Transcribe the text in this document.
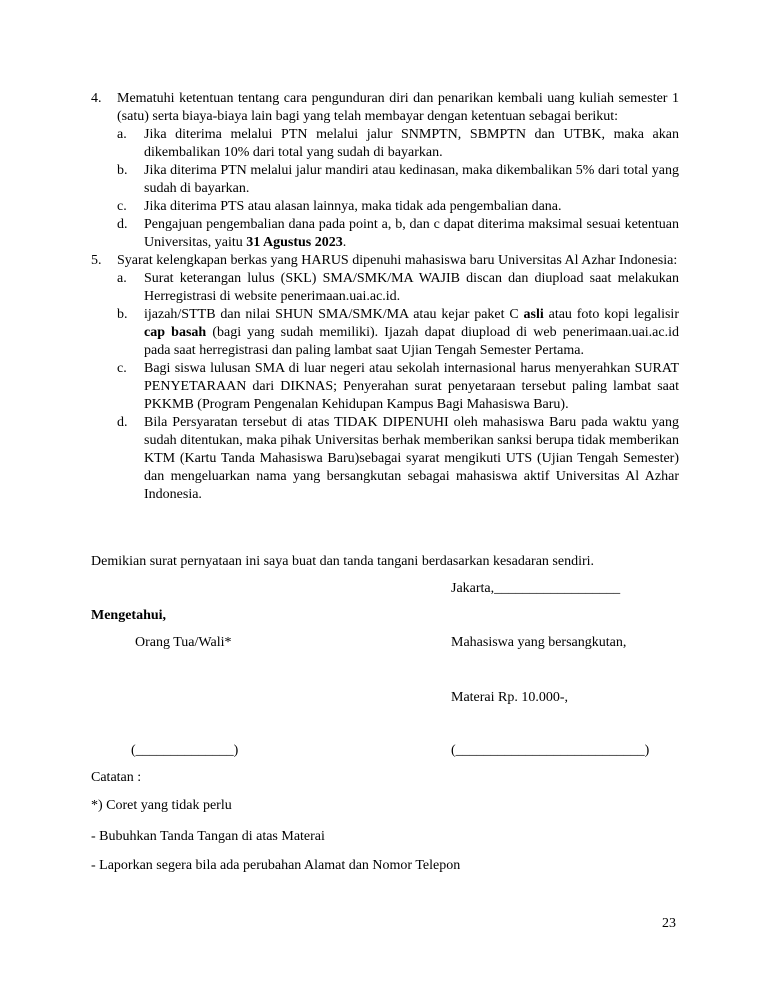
4.	Mematuhi ketentuan tentang cara pengunduran diri dan penarikan kembali uang kuliah semester 1 (satu) serta biaya-biaya lain bagi yang telah membayar dengan ketentuan sebagai berikut:
a.	Jika diterima melalui PTN melalui jalur SNMPTN, SBMPTN dan UTBK, maka akan dikembalikan 10% dari total yang sudah di bayarkan.
b.	Jika diterima PTN melalui jalur mandiri atau kedinasan, maka dikembalikan 5% dari total yang sudah di bayarkan.
c.	Jika diterima PTS atau alasan lainnya, maka tidak ada pengembalian dana.
d.	Pengajuan pengembalian dana pada point a, b, dan c dapat diterima maksimal sesuai ketentuan Universitas, yaitu 31 Agustus 2023.
5.	Syarat kelengkapan berkas yang HARUS dipenuhi mahasiswa baru Universitas Al Azhar Indonesia:
a.	Surat keterangan lulus (SKL) SMA/SMK/MA WAJIB discan dan diupload saat melakukan Herregistrasi di website penerimaan.uai.ac.id.
b.	ijazah/STTB dan nilai SHUN SMA/SMK/MA atau kejar paket C asli atau foto kopi legalisir cap basah (bagi yang sudah memiliki). Ijazah dapat diupload di web penerimaan.uai.ac.id pada saat herregistrasi dan paling lambat saat Ujian Tengah Semester Pertama.
c.	Bagi siswa lulusan SMA di luar negeri atau sekolah internasional harus menyerahkan SURAT PENYETARAAN dari DIKNAS; Penyerahan surat penyetaraan tersebut paling lambat saat PKKMB (Program Pengenalan Kehidupan Kampus Bagi Mahasiswa Baru).
d.	Bila Persyaratan tersebut di atas TIDAK DIPENUHI oleh mahasiswa Baru pada waktu yang sudah ditentukan, maka pihak Universitas berhak memberikan sanksi berupa tidak memberikan KTM (Kartu Tanda Mahasiswa Baru)sebagai syarat mengikuti UTS (Ujian Tengah Semester) dan mengeluarkan nama yang bersangkutan sebagai mahasiswa aktif Universitas Al Azhar Indonesia.
Demikian surat pernyataan ini saya buat dan tanda tangani berdasarkan kesadaran sendiri.
Jakarta,__________________
Mengetahui,
Orang Tua/Wali*	Mahasiswa yang bersangkutan,
Materai Rp. 10.000-,
(______________)	(___________________________)
Catatan :
*) Coret yang tidak perlu
- Bubuhkan Tanda Tangan di atas Materai
- Laporkan segera bila ada perubahan Alamat dan Nomor Telepon
23
